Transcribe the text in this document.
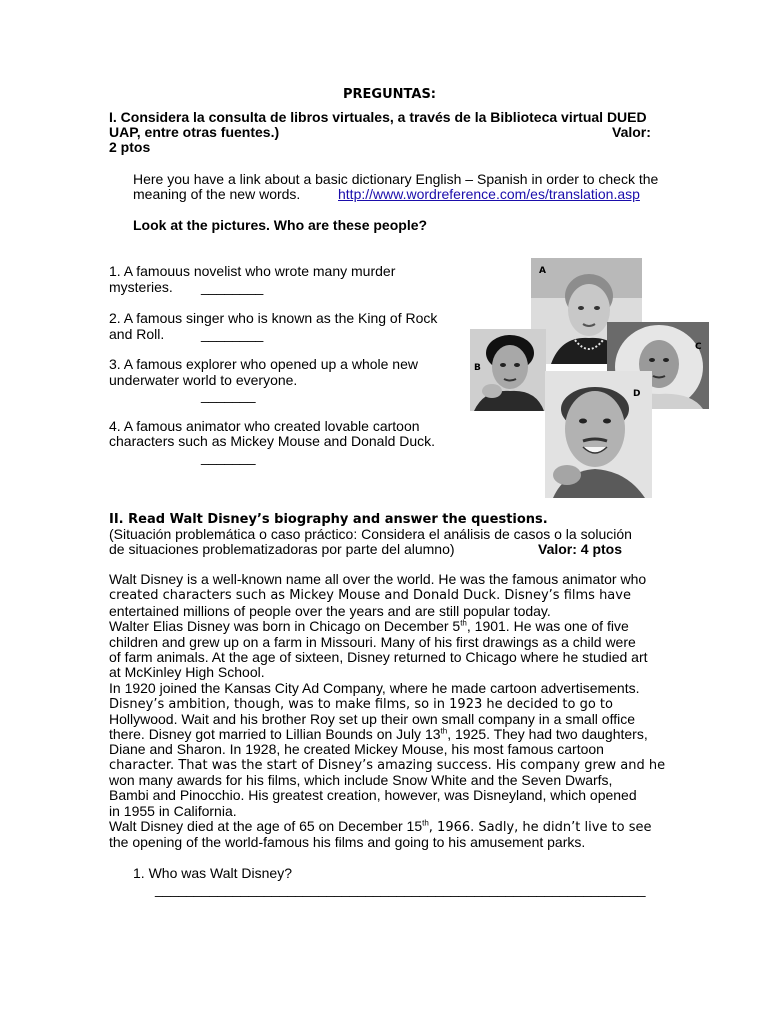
PREGUNTAS:
I. Considera la consulta de libros virtuales, a través de la Biblioteca virtual DUED
UAP, entre otras fuentes.)	Valor:
2 ptos
Here you have a link about a basic dictionary English – Spanish in order to check the
meaning of the new words.	http://www.wordreference.com/es/translation.asp
Look at the pictures. Who are these people?
1. A famouus novelist who wrote many murder
mysteries. ________
2. A famous singer who is known as the King of Rock
and Roll.	________
3. A famous explorer who opened up a whole new
underwater world to everyone.
_______
4. A famous animator who created lovable cartoon
characters such as Mickey Mouse and Donald Duck.
_______
A
C
B
D
II. Read Walt Disney’s biography and answer the questions.
(Situación problemática o caso práctico: Considera el análisis de casos o la solución
de situaciones problematizadoras por parte del alumno)	Valor: 4 ptos
Walt Disney is a well-known name all over the world. He was the famous animator who
created characters such as Mickey Mouse and Donald Duck. Disney’s films have
entertained millions of people over the years and are still popular today.
Walter Elias Disney was born in Chicago on December 5th, 1901. He was one of five
children and grew up on a farm in Missouri. Many of his first drawings as a child were
of farm animals. At the age of sixteen, Disney returned to Chicago where he studied art
at McKinley High School.
In 1920 joined the Kansas City Ad Company, where he made cartoon advertisements.
Disney’s ambition, though, was to make films, so in 1923 he decided to go to
Hollywood. Wait and his brother Roy set up their own small company in a small office
there. Disney got married to Lillian Bounds on July 13th, 1925. They had two daughters,
Diane and Sharon. In 1928, he created Mickey Mouse, his most famous cartoon
character. That was the start of Disney’s amazing success. His company grew and he
won many awards for his films, which include Snow White and the Seven Dwarfs,
Bambi and Pinocchio. His greatest creation, however, was Disneyland, which opened
in 1955 in California.
Walt Disney died at the age of 65 on December 15th, 1966. Sadly, he didn’t live to see
the opening of the world-famous his films and going to his amusement parks.
1. Who was Walt Disney?
_______________________________________________________________
